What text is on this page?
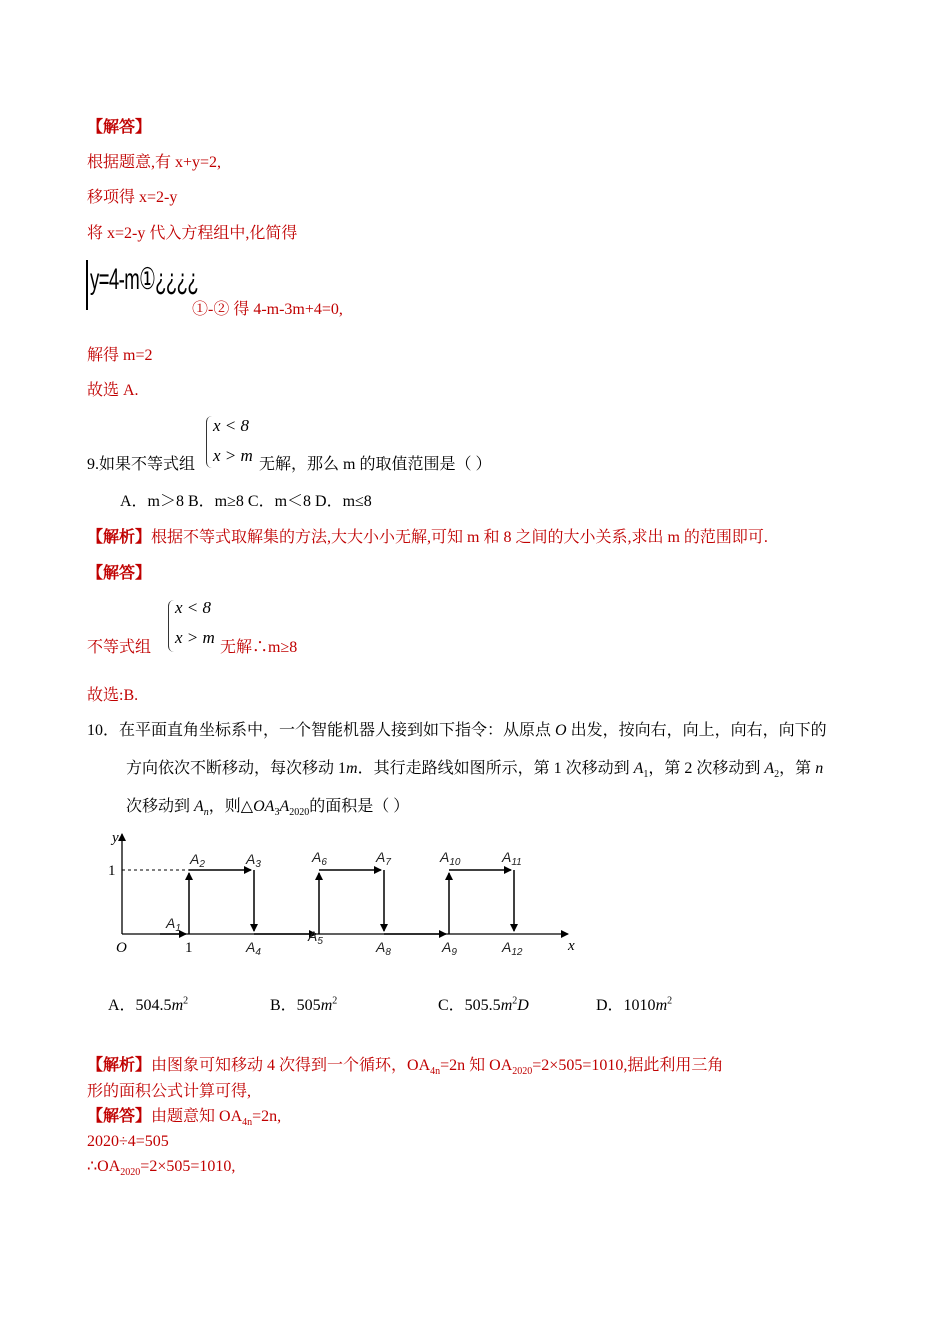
【解答】
根据题意,有 x+y=2,
移项得 x=2-y
将 x=2-y 代入方程组中,化简得
y=4-m①¿¿¿¿
①-② 得 4-m-3m+4=0,
解得 m=2
故选 A.
x < 8
x > m
9.如果不等式组	无解，那么 m 的取值范围是（ ）
A．m＞8 B．m≥8 C．m＜8 D．m≤8
【解析】根据不等式取解集的方法,大大小小无解,可知 m 和 8 之间的大小关系,求出 m 的范围即可.
【解答】
x < 8
x > m
不等式组	无解∴m≥8
故选:B.
10．在平面直角坐标系中，一个智能机器人接到如下指令：从原点 O 出发，按向右，向上，向右，向下的
方向依次不断移动，每次移动 1m．其行走路线如图所示，第 1 次移动到 $A_1$，第 2 次移动到 $A_2$，第 n
次移动到 $A_n$，则$\triangle OA_3A_{2020}$的面积是（ ）
y
x
O
1
1
$A_1$
$A_2$	$A_3$
$A_4$
$A_5$
$A_6$	$A_7$
$A_8$	$A_9$
$A_{10}$	$A_{11}$
$A_{12}$
A．$504.5m^2$	B．$505m^2$	C．$505.5m^2D$	D．$1010m^2$
【解析】由图象可知移动 4 次得到一个循环，$OA_{4n}=2n$ 知 $OA_{2020}=2\times 505=1010$,据此利用三角
形的面积公式计算可得,
【解答】由题意知 $OA_{4n}=2n$,
2020÷4=505
$\therefore OA_{2020}=2\times 505=1010$,
